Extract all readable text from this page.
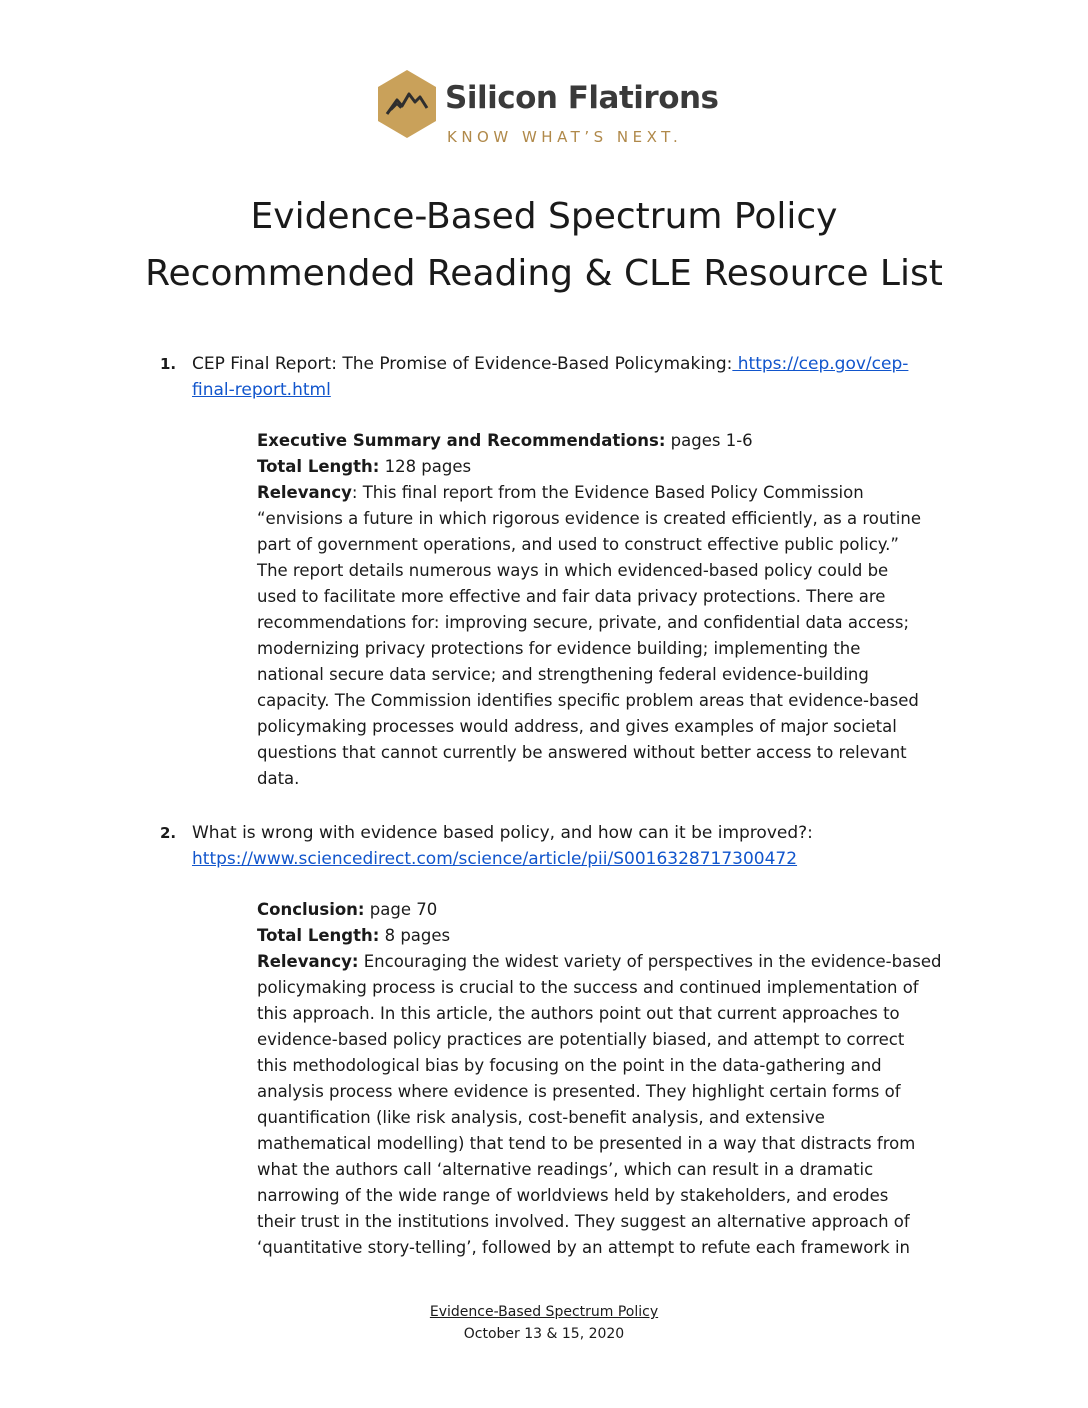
Silicon Flatirons
KNOW WHAT’S NEXT.
Evidence-Based Spectrum Policy
Recommended Reading & CLE Resource List
1. CEP Final Report: The Promise of Evidence-Based Policymaking: https://cep.gov/cep-
final-report.html

Executive Summary and Recommendations: pages 1-6

Total Length: 128 pages

Relevancy: This final report from the Evidence Based Policy Commission
“envisions a future in which rigorous evidence is created efficiently, as a routine
part of government operations, and used to construct effective public policy.”
The report details numerous ways in which evidenced-based policy could be
used to facilitate more effective and fair data privacy protections. There are
recommendations for: improving secure, private, and confidential data access;
modernizing privacy protections for evidence building; implementing the
national secure data service; and strengthening federal evidence-building
capacity. The Commission identifies specific problem areas that evidence-based
policymaking processes would address, and gives examples of major societal
questions that cannot currently be answered without better access to relevant
data.

2. What is wrong with evidence based policy, and how can it be improved?:
https://www.sciencedirect.com/science/article/pii/S0016328717300472

Conclusion: page 70

Total Length: 8 pages

Relevancy: Encouraging the widest variety of perspectives in the evidence-based
policymaking process is crucial to the success and continued implementation of
this approach. In this article, the authors point out that current approaches to
evidence-based policy practices are potentially biased, and attempt to correct
this methodological bias by focusing on the point in the data-gathering and
analysis process where evidence is presented. They highlight certain forms of
quantification (like risk analysis, cost-benefit analysis, and extensive
mathematical modelling) that tend to be presented in a way that distracts from
what the authors call ‘alternative readings’, which can result in a dramatic
narrowing of the wide range of worldviews held by stakeholders, and erodes
their trust in the institutions involved. They suggest an alternative approach of
‘quantitative story-telling’, followed by an attempt to refute each framework in

Evidence-Based Spectrum Policy
October 13 & 15, 2020
